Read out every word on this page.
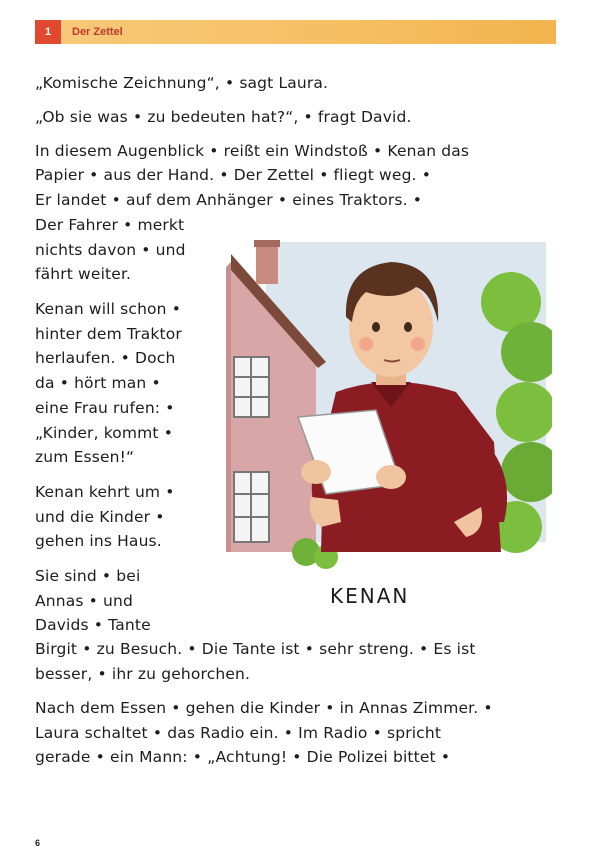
1	Der Zettel
„Komische Zeichnung“, • sagt Laura.
„Ob sie was • zu bedeuten hat?“, • fragt David.
In diesem Augenblick • reißt ein Windstoß • Kenan das
Papier • aus der Hand. • Der Zettel • fliegt weg. •
Er landet • auf dem Anhänger • eines Traktors. •
Der Fahrer • merkt
nichts davon • und
fährt weiter.
Kenan will schon •
hinter dem Traktor
herlaufen. • Doch
da • hört man •
eine Frau rufen: •
„Kinder, kommt •
zum Essen!“
Kenan kehrt um •
und die Kinder •
gehen ins Haus.
Sie sind • bei
Annas • und
Davids • Tante
Birgit • zu Besuch. • Die Tante ist • sehr streng. • Es ist
besser, • ihr zu gehorchen.
Nach dem Essen • gehen die Kinder • in Annas Zimmer. •
Laura schaltet • das Radio ein. • Im Radio • spricht
gerade • ein Mann: • „Achtung! • Die Polizei bittet •
KENAN
6
